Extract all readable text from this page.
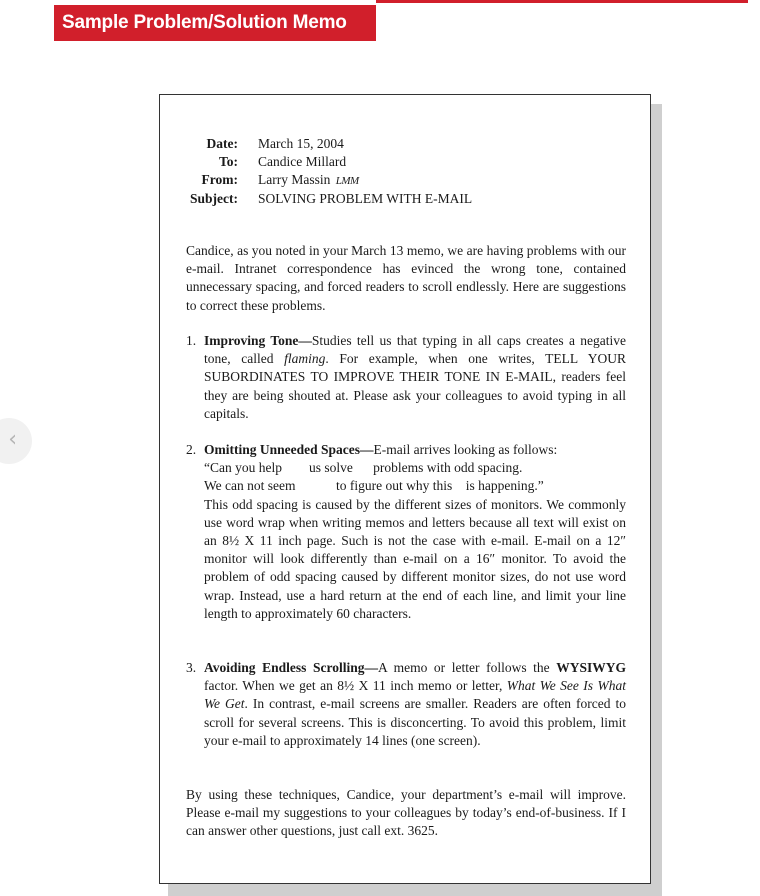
Sample Problem/Solution Memo
‹
Date: March 15, 2004
To: Candice Millard
From: Larry Massin LMM
Subject: SOLVING PROBLEM WITH E-MAIL
Candice, as you noted in your March 13 memo, we are having problems with our e-mail. Intranet correspondence has evinced the wrong tone, contained unnecessary spacing, and forced readers to scroll endlessly. Here are suggestions to correct these problems.
1. Improving Tone—Studies tell us that typing in all caps creates a negative tone, called flaming. For example, when one writes, TELL YOUR SUBORDINATES TO IMPROVE THEIR TONE IN E-MAIL, readers feel they are being shouted at. Please ask your colleagues to avoid typing in all capitals.
2. Omitting Unneeded Spaces—E-mail arrives looking as follows:
“Can you help        us solve      problems with odd spacing.
We can not seem            to figure out why this    is happening.”
This odd spacing is caused by the different sizes of monitors. We commonly use word wrap when writing memos and letters because all text will exist on an 8½ X 11 inch page. Such is not the case with e-mail. E-mail on a 12″ monitor will look differently than e-mail on a 16″ monitor. To avoid the problem of odd spacing caused by different monitor sizes, do not use word wrap. Instead, use a hard return at the end of each line, and limit your line length to approximately 60 characters.
3. Avoiding Endless Scrolling—A memo or letter follows the WYSIWYG factor. When we get an 8½ X 11 inch memo or letter, What We See Is What We Get. In contrast, e-mail screens are smaller. Readers are often forced to scroll for several screens. This is disconcerting. To avoid this problem, limit your e-mail to approximately 14 lines (one screen).
By using these techniques, Candice, your department’s e-mail will improve. Please e-mail my suggestions to your colleagues by today’s end-of-business. If I can answer other questions, just call ext. 3625.
